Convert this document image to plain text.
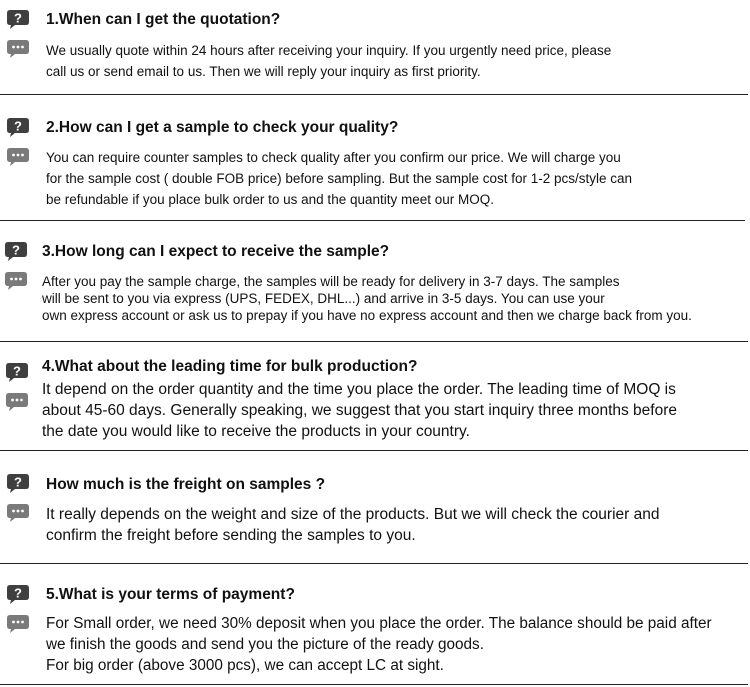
1.When can I get the quotation?
We usually quote within 24 hours after receiving your inquiry. If you urgently need price, please
call us or send email to us. Then we will reply your inquiry as first priority.
2.How can I get a sample to check your quality?
You can require counter samples to check quality after you confirm our price. We will charge you
for the sample cost ( double FOB price) before sampling. But the sample cost for 1-2 pcs/style can
be refundable if you place bulk order to us and the quantity meet our MOQ.
3.How long can I expect to receive the sample?
After you pay the sample charge, the samples will be ready for delivery in 3-7 days. The samples
will be sent to you via express (UPS, FEDEX, DHL...) and arrive in 3-5 days. You can use your
own express account or ask us to prepay if you have no express account and then we charge back from you.
4.What about the leading time for bulk production?
It depend on the order quantity and the time you place the order. The leading time of MOQ is
about 45-60 days. Generally speaking, we suggest that you start inquiry three months before
the date you would like to receive the products in your country.
How much is the freight on samples ?
It really depends on the weight and size of the products. But we will check the courier and
confirm the freight before sending the samples to you.
5.What is your terms of payment?
For Small order, we need 30% deposit when you place the order. The balance should be paid after
we finish the goods and send you the picture of the ready goods.
For big order (above 3000 pcs), we can accept LC at sight.
